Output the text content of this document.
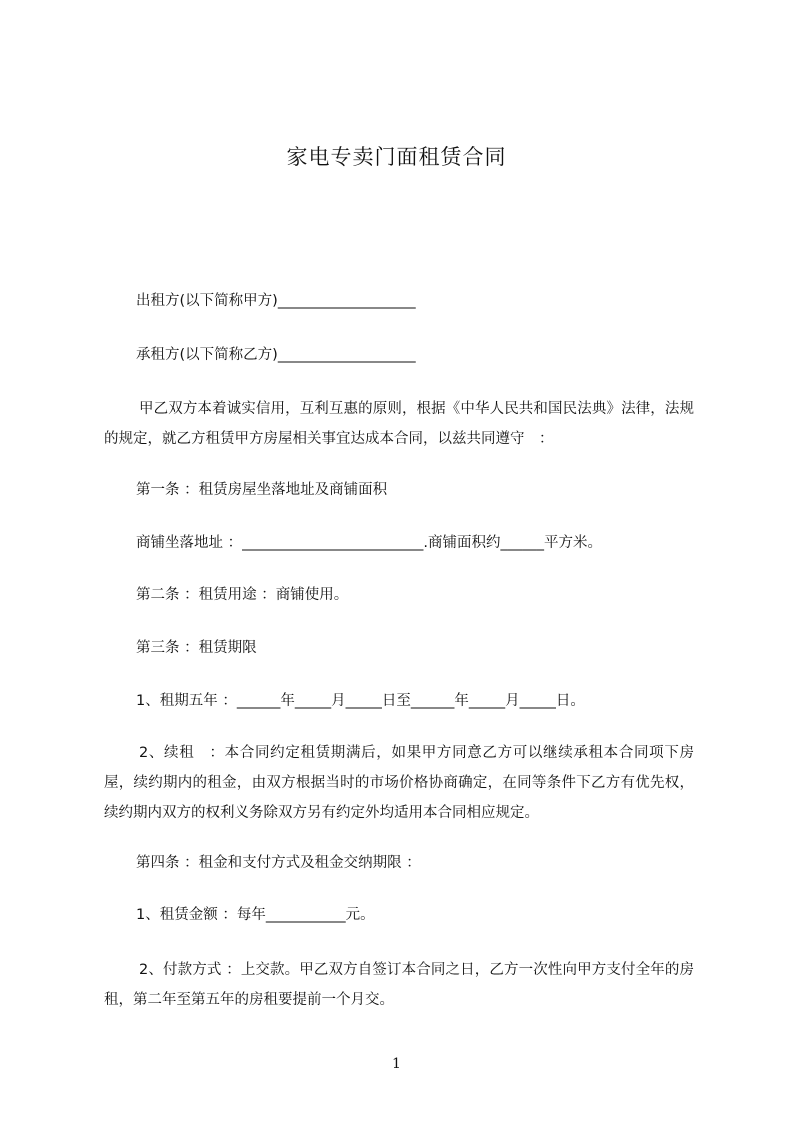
家电专卖门面租赁合同

出租方(以下简称甲方)___________________

承租方(以下简称乙方)___________________

甲乙双方本着诚实信用，互利互惠的原则，根据《中华人民共和国民法典》法律，法规的规定，就乙方租赁甲方房屋相关事宜达成本合同，以兹共同遵守　：

第一条 ：租赁房屋坐落地址及商铺面积

商铺坐落地址 ：_________________________.商铺面积约______平方米。

第二条 ：租赁用途 ：商铺使用。

第三条 ：租赁期限

1、租期五年 ：______年_____月_____日至______年_____月_____日。

2、续租　：本合同约定租赁期满后，如果甲方同意乙方可以继续承租本合同项下房屋，续约期内的租金，由双方根据当时的市场价格协商确定，在同等条件下乙方有优先权，续约期内双方的权利义务除双方另有约定外均适用本合同相应规定。

第四条 ：租金和支付方式及租金交纳期限 ：

1、租赁金额 ：每年___________元。

2、付款方式 ：上交款。甲乙双方自签订本合同之日，乙方一次性向甲方支付全年的房租，第二年至第五年的房租要提前一个月交。

1
